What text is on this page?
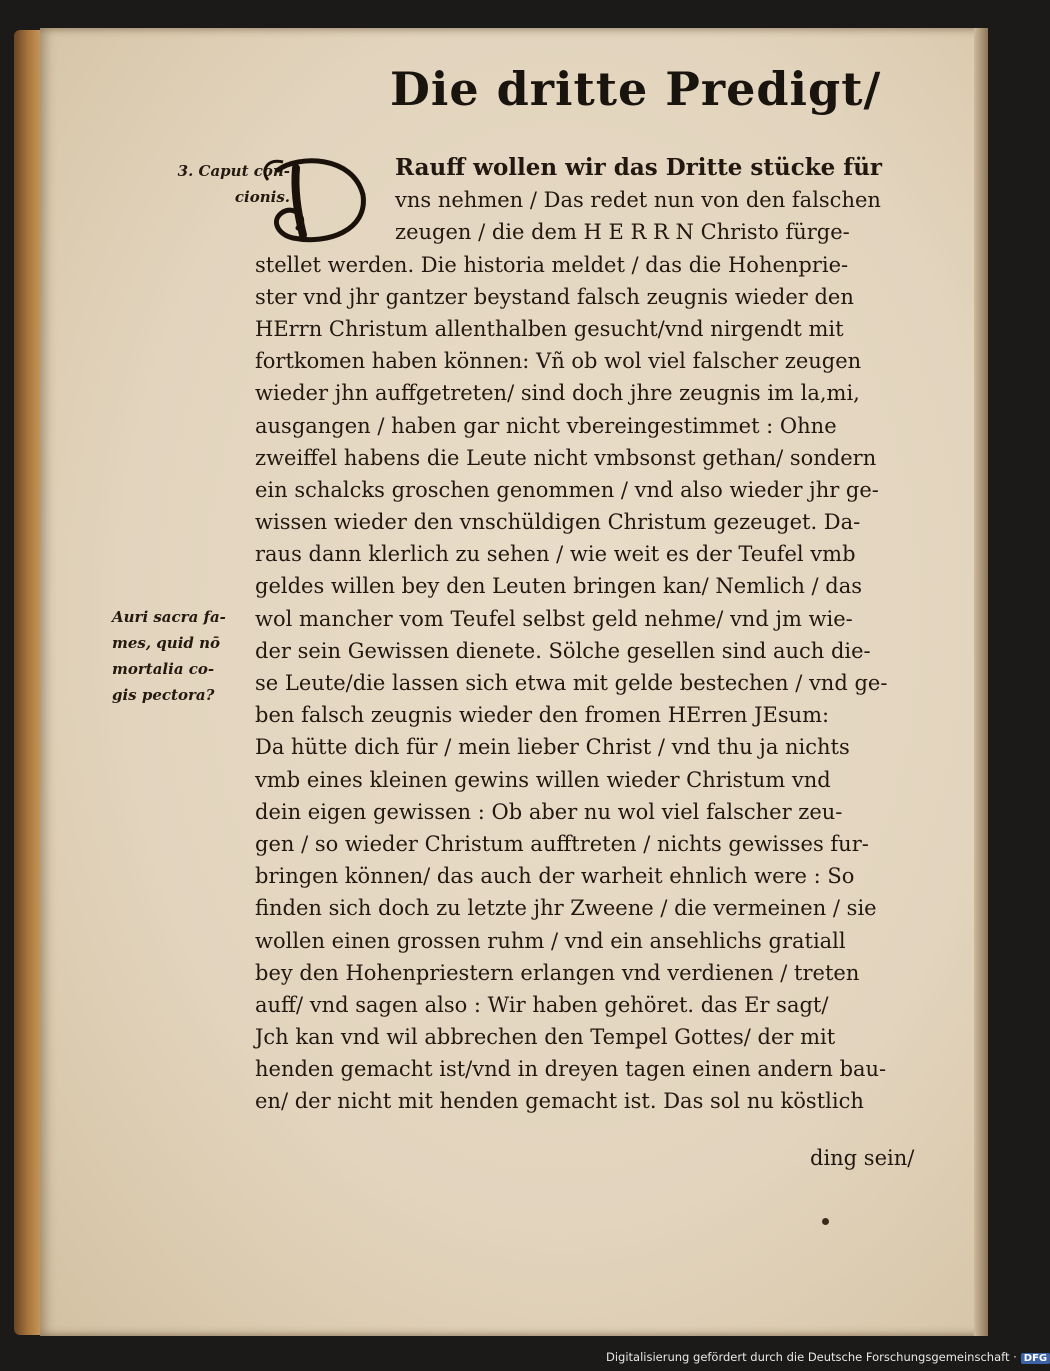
Die dritte Predigt/
3. Caput con-
cionis.
Auri sacra fa-
mes, quid nō
mortalia co-
gis pectora?
Rauff wollen wir das Dritte stücke für
vns nehmen / Das redet nun von den falschen
zeugen / die dem H E R R N Christo fürge-
stellet werden. Die historia meldet / das die Hohenprie-
ster vnd jhr gantzer beystand falsch zeugnis wieder den
HErrn Christum allenthalben gesucht/vnd nirgendt mit
fortkomen haben können: Vñ ob wol viel falscher zeugen
wieder jhn auffgetreten/ sind doch jhre zeugnis im la,mi,
ausgangen / haben gar nicht vbereingestimmet : Ohne
zweiffel habens die Leute nicht vmbsonst gethan/ sondern
ein schalcks groschen genommen / vnd also wieder jhr ge-
wissen wieder den vnschüldigen Christum gezeuget. Da-
raus dann klerlich zu sehen / wie weit es der Teufel vmb
geldes willen bey den Leuten bringen kan/ Nemlich / das
wol mancher vom Teufel selbst geld nehme/ vnd jm wie-
der sein Gewissen dienete. Sölche gesellen sind auch die-
se Leute/die lassen sich etwa mit gelde bestechen / vnd ge-
ben falsch zeugnis wieder den fromen HErren JEsum:
Da hütte dich für / mein lieber Christ / vnd thu ja nichts
vmb eines kleinen gewins willen wieder Christum vnd
dein eigen gewissen : Ob aber nu wol viel falscher zeu-
gen / so wieder Christum aufftreten / nichts gewisses fur-
bringen können/ das auch der warheit ehnlich were : So
finden sich doch zu letzte jhr Zweene / die vermeinen / sie
wollen einen grossen ruhm / vnd ein ansehlichs gratiall
bey den Hohenpriestern erlangen vnd verdienen / treten
auff/ vnd sagen also : Wir haben gehöret. das Er sagt/
Jch kan vnd wil abbrechen den Tempel Gottes/ der mit
henden gemacht ist/vnd in dreyen tagen einen andern bau-
en/ der nicht mit henden gemacht ist. Das sol nu köstlich
ding sein/
Digitalisierung gefördert durch die Deutsche Forschungsgemeinschaft · DFG
